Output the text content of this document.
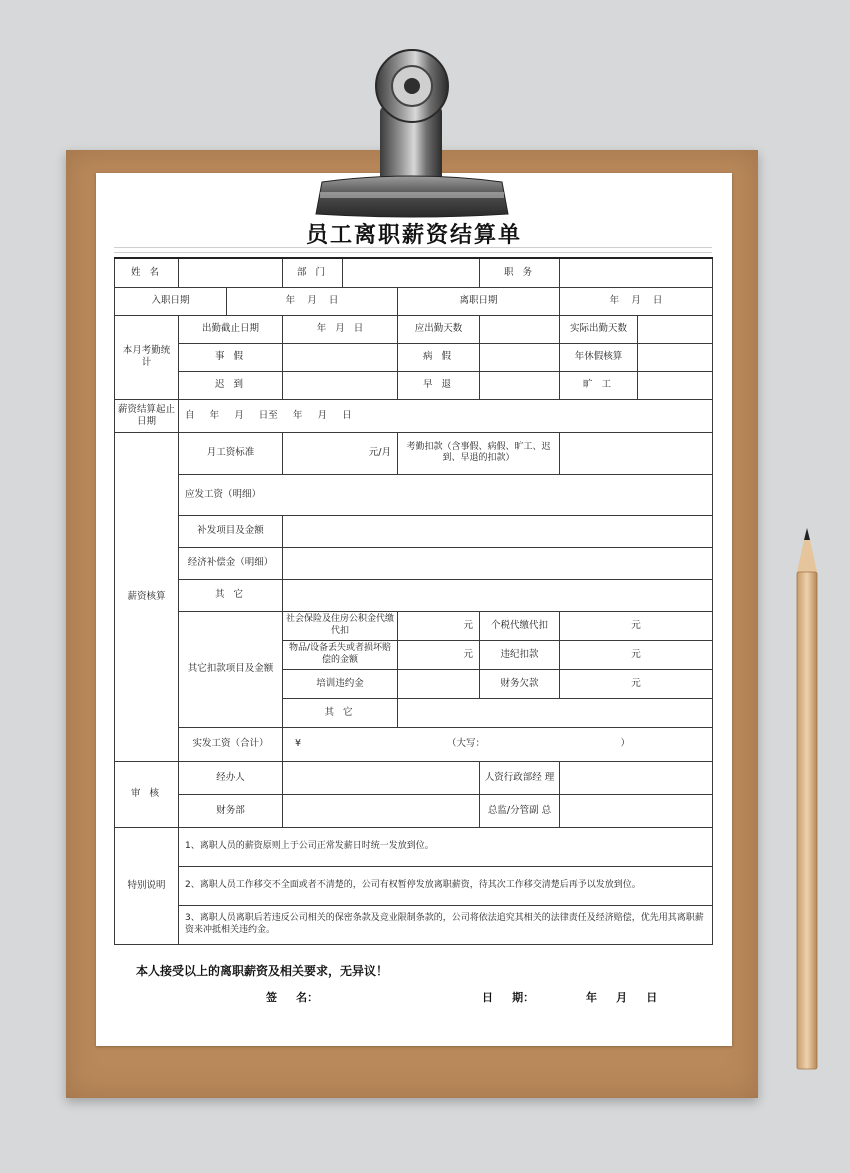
员工离职薪资结算单
姓 名			部 门			职 务		
入职日期		年    月    日			离职日期		年    月    日	
本月考勤统 计	出勤截止日期		年   月   日		应出勤天数		实际出勤天数	
	事 假				病 假		年休假核算	
	迟 到				早 退		旷 工	
薪资结算起止日期	自     年     月     日至     年     月     日							
薪资核算	月工资标准		元/月		考勤扣款（含事假、病假、旷工、迟到、早退的扣款）			
	应发工资（明细）							
	补发项目及金额							
	经济补偿金（明细）							
	其 它							
	其它扣款项目及金额		社会保险及住房公积金代缴代扣		元	个税代缴代扣	元	
			物品/设备丢失或者损坏赔偿的金额		元	违纪扣款	元	
			培训违约金			财务欠款	元	
			其 它					
	实发工资（合计）		¥ （大写： ）					

审 核	经办人					人资行政部经 理		
	财务部					总监/分管副 总		
特别说明	1、离职人员的薪资原则上于公司正常发薪日时统一发放到位。							
	2、离职人员工作移交不全面或者不清楚的，公司有权暂停发放离职薪资，待其次工作移交清楚后再予以发放到位。							
	3、离职人员离职后若违反公司相关的保密条款及竞业限制条款的，公司将依法追究其相关的法律责任及经济赔偿，优先用其离职薪资来冲抵相关违约金。							
本人接受以上的离职薪资及相关要求，无异议！
签     名：	日     期：	年     月     日
